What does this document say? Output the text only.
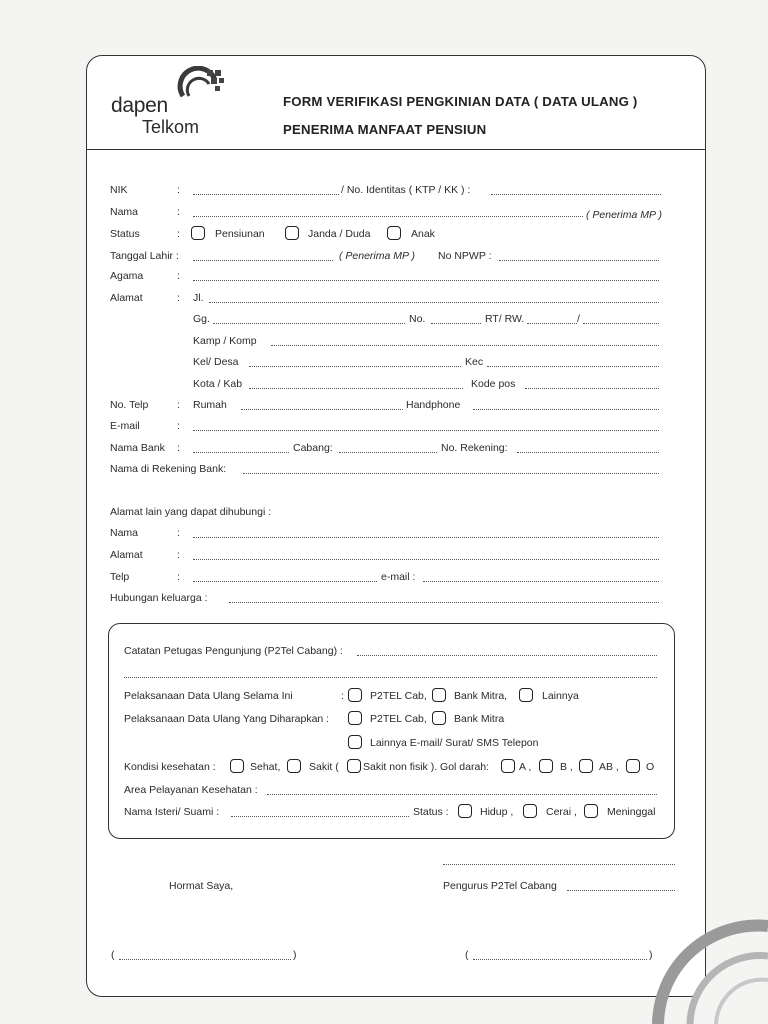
dapen
Telkom
FORM VERIFIKASI PENGKINIAN DATA ( DATA ULANG )
PENERIMA MANFAAT PENSIUN
NIK	:	/ No. Identitas ( KTP / KK ) :
Nama	:	( Penerima MP )
Status	:	Pensiunan	Janda / Duda	Anak
Tanggal Lahir :	( Penerima MP ) No NPWP :
Agama	:
Alamat	: Jl.
Gg.	No.	RT/ RW.	/
Kamp / Komp
Kel/ Desa	Kec
Kota / Kab	Kode pos
No. Telp	: Rumah	Handphone
E-mail	:
Nama Bank :	Cabang:	No. Rekening:
Nama di Rekening Bank:
Alamat lain yang dapat dihubungi :
Nama	:
Alamat	:
Telp	:	e-mail :
Hubungan keluarga :
Catatan Petugas Pengunjung (P2Tel Cabang) :
Pelaksanaan Data Ulang Selama Ini	: P2TEL Cab,	Bank Mitra,	Lainnya
Pelaksanaan Data Ulang Yang Diharapkan :	P2TEL Cab,	Bank Mitra
Lainnya E-mail/ Surat/ SMS Telepon
Kondisi kesehatan :	Sehat,	Sakit ( Sakit non fisik ). Gol darah:	A ,	B , AB ,	O
Area Pelayanan Kesehatan :
Nama Isteri/ Suami :	Status :	Hidup ,	Cerai ,	Meninggal
Hormat Saya,	Pengurus P2Tel Cabang
(	)	(	)
